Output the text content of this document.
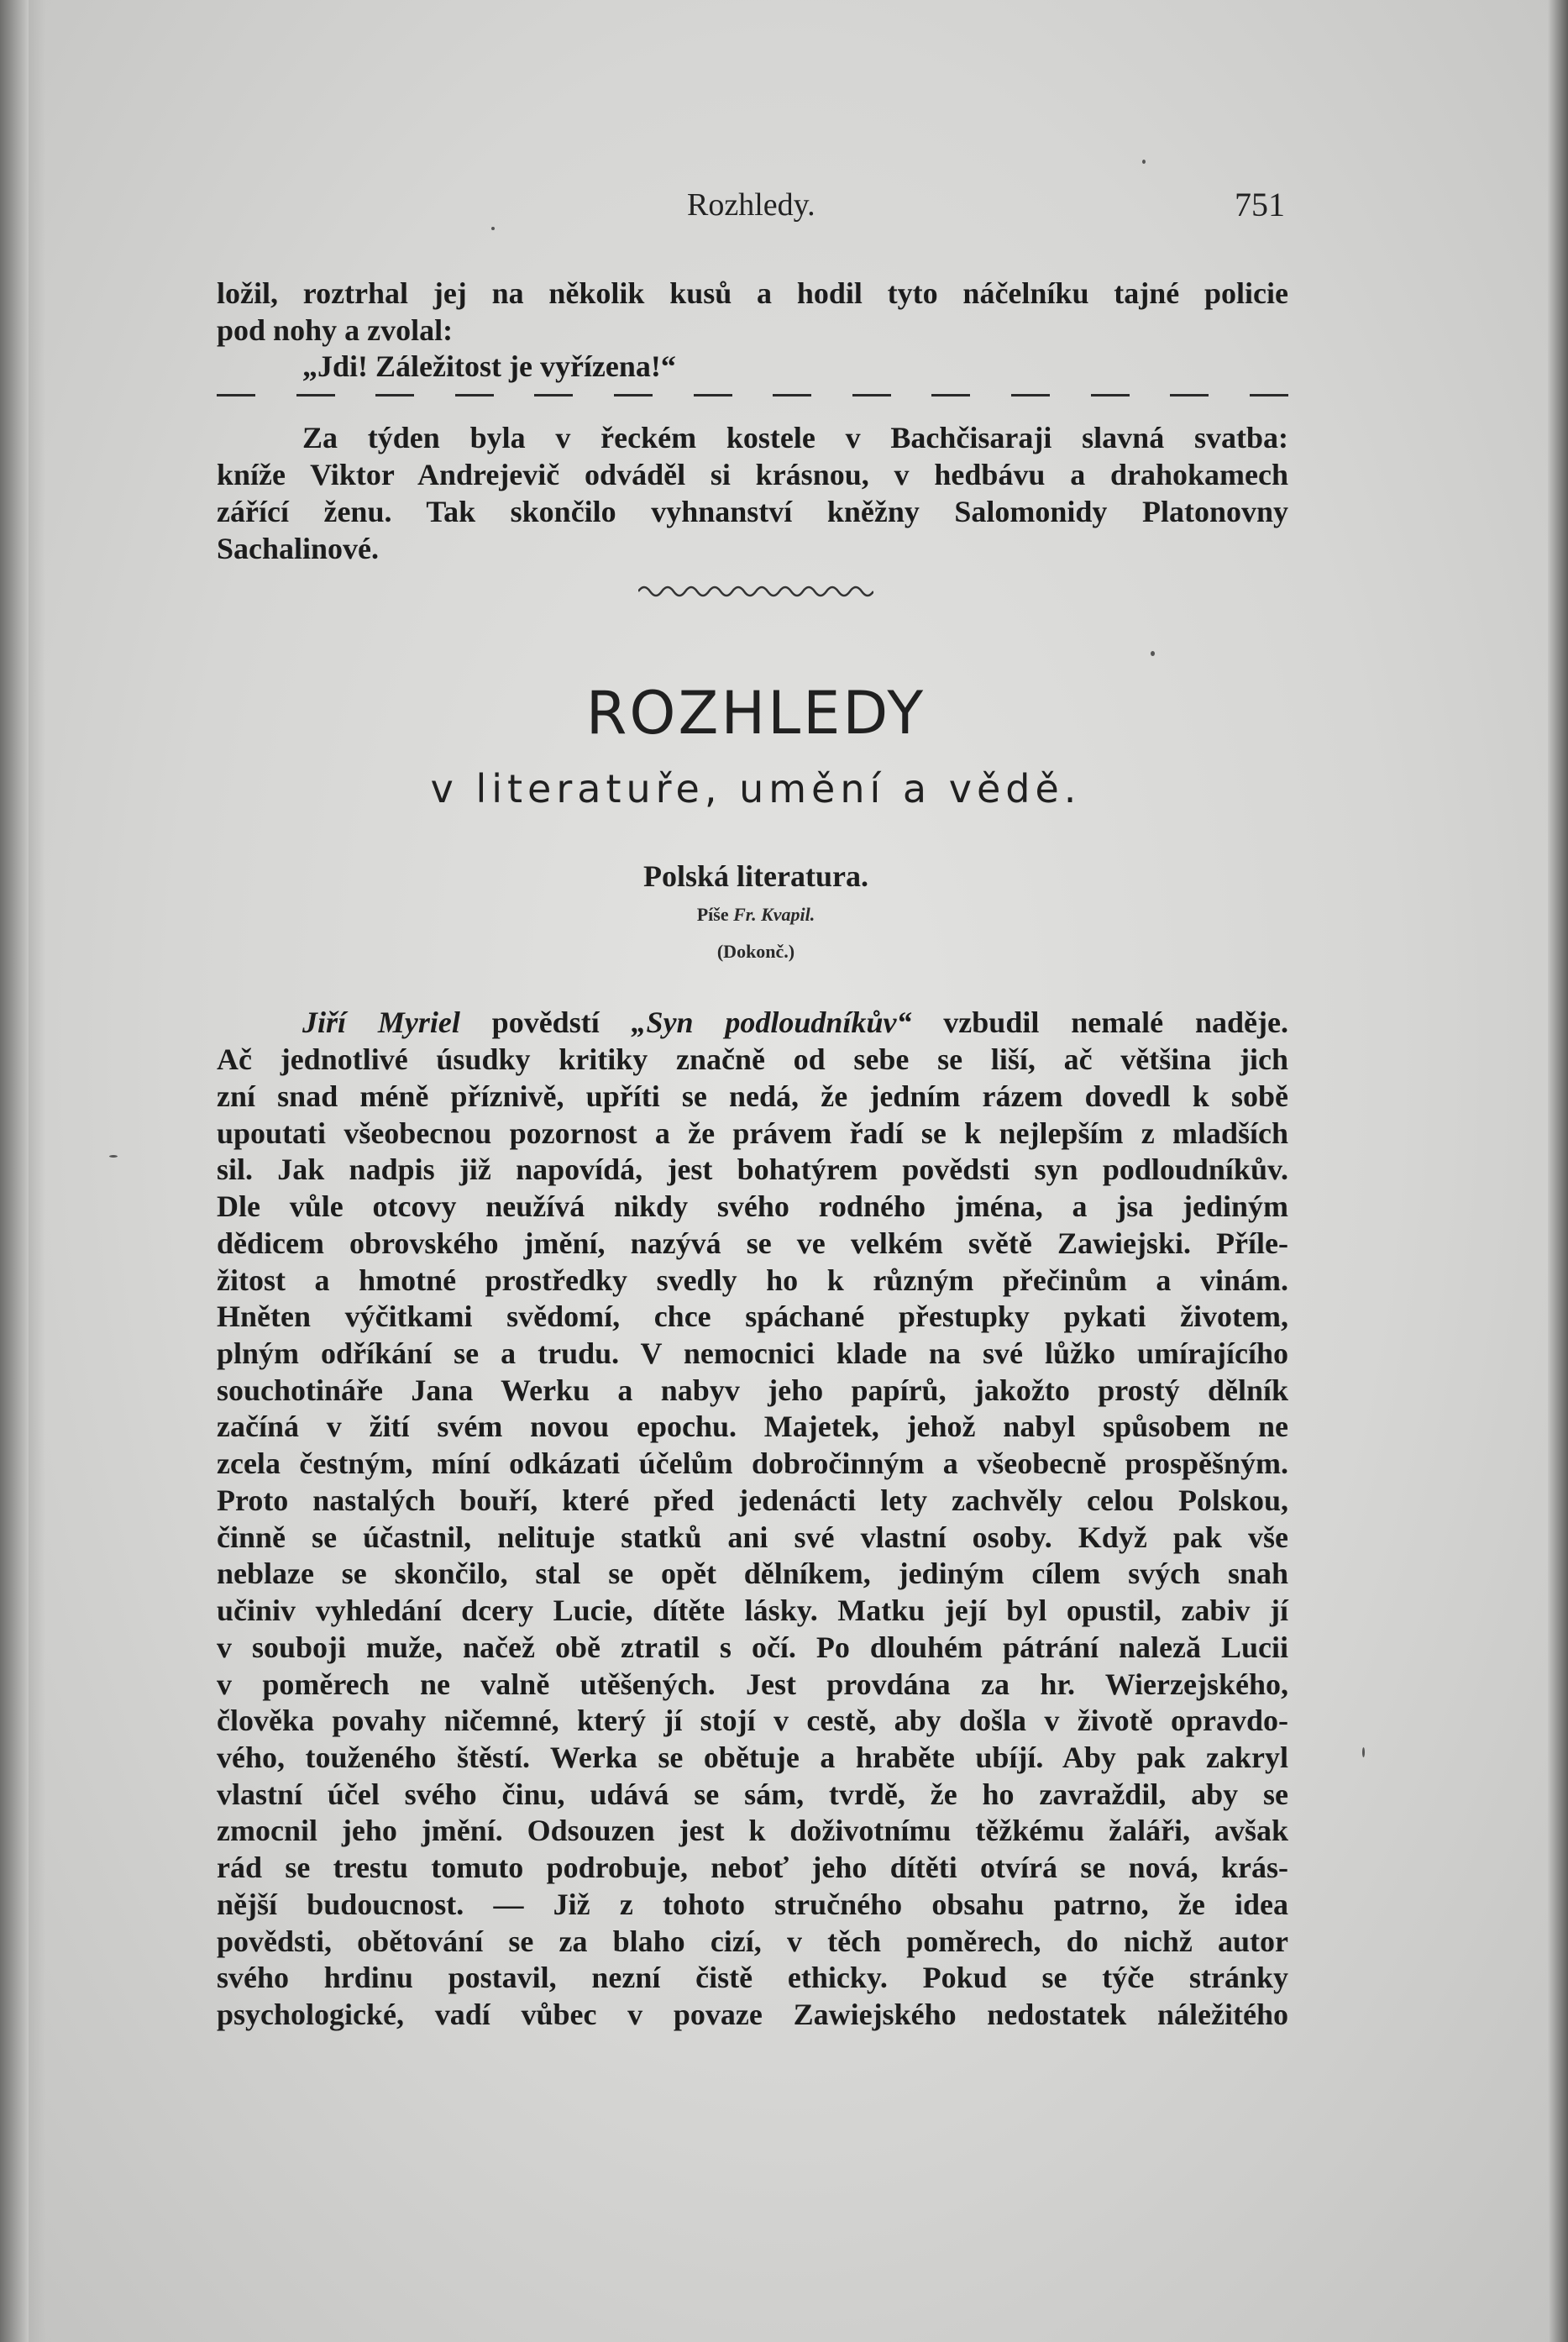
Rozhledy.	751
ložil, roztrhal jej na několik kusů a hodil tyto náčelníku tajné policie
pod nohy a zvolal:
„Jdi! Záležitost je vyřízena!“
Za týden byla v řeckém kostele v Bachčisaraji slavná svatba:
kníže Viktor Andrejevič odváděl si krásnou, v hedbávu a drahokamech
zářící ženu. Tak skončilo vyhnanství kněžny Salomonidy Platonovny
Sachalinové.
ROZHLEDY
v literatuře, umění a vědě.
Polská literatura.
Píše Fr. Kvapil.
(Dokonč.)
Jiří Myriel povědstí „Syn podloudníkův“ vzbudil nemalé naděje.
Ač jednotlivé úsudky kritiky značně od sebe se liší, ač většina jich
zní snad méně příznivě, upříti se nedá, že jedním rázem dovedl k sobě
upoutati všeobecnou pozornost a že právem řadí se k nejlepším z mladších
sil. Jak nadpis již napovídá, jest bohatýrem povědsti syn podloudníkův.
Dle vůle otcovy neužívá nikdy svého rodného jména, a jsa jediným
dědicem obrovského jmění, nazývá se ve velkém světě Zawiejski. Příle-
žitost a hmotné prostředky svedly ho k různým přečinům a vinám.
Hněten výčitkami svědomí, chce spáchané přestupky pykati životem,
plným odříkání se a trudu. V nemocnici klade na své lůžko umírajícího
souchotináře Jana Werku a nabyv jeho papírů, jakožto prostý dělník
začíná v žití svém novou epochu. Majetek, jehož nabyl spůsobem ne
zcela čestným, míní odkázati účelům dobročinným a všeobecně prospěšným.
Proto nastalých bouří, které před jedenácti lety zachvěly celou Polskou,
činně se účastnil, nelituje statků ani své vlastní osoby. Když pak vše
neblaze se skončilo, stal se opět dělníkem, jediným cílem svých snah
učiniv vyhledání dcery Lucie, dítěte lásky. Matku její byl opustil, zabiv jí
v souboji muže, načež obě ztratil s očí. Po dlouhém pátrání naleză Lucii
v poměrech ne valně utěšených. Jest provdána za hr. Wierzejského,
člověka povahy ničemné, který jí stojí v cestě, aby došla v životě opravdo-
vého, touženého štěstí. Werka se obětuje a hraběte ubíjí. Aby pak zakryl
vlastní účel svého činu, udává se sám, tvrdě, že ho zavraždil, aby se
zmocnil jeho jmění. Odsouzen jest k doživotnímu těžkému žaláři, avšak
rád se trestu tomuto podrobuje, neboť jeho dítěti otvírá se nová, krás-
nější budoucnost. — Již z tohoto stručného obsahu patrno, že idea
povědsti, obětování se za blaho cizí, v těch poměrech, do nichž autor
svého hrdinu postavil, nezní čistě ethicky. Pokud se týče stránky
psychologické, vadí vůbec v povaze Zawiejského nedostatek náležitého
